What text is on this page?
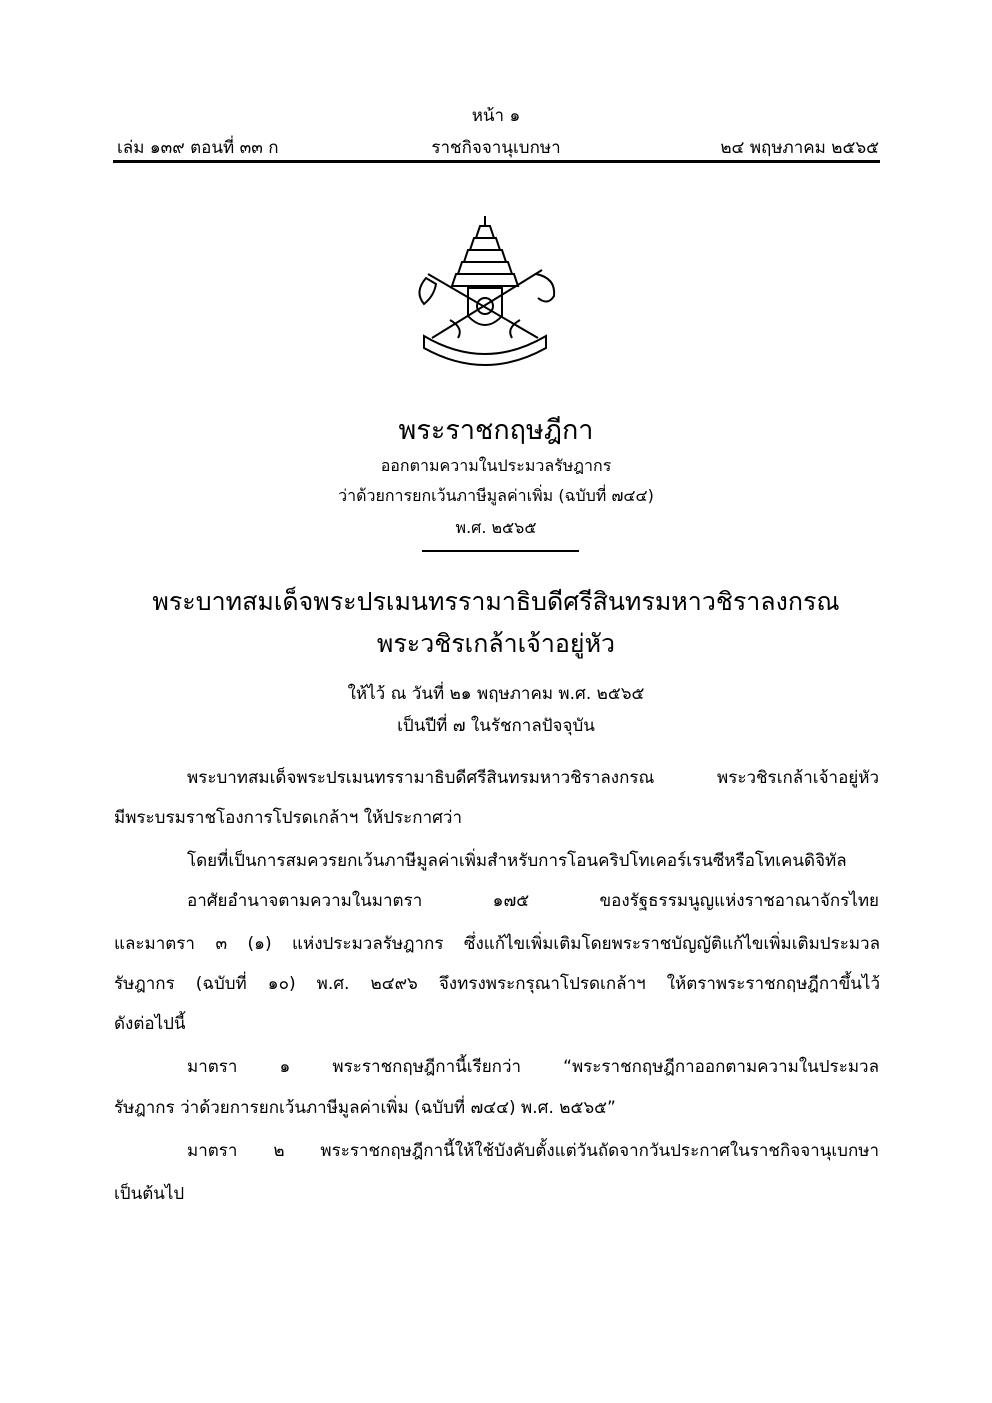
หน้า ๑
เล่ม ๑๓๙ ตอนที่ ๓๓ ก	ราชกิจจานุเบกษา	๒๔ พฤษภาคม ๒๕๖๕
พระราชกฤษฎีกา
ออกตามความในประมวลรัษฎากร
ว่าด้วยการยกเว้นภาษีมูลค่าเพิ่ม (ฉบับที่ ๗๔๔)
พ.ศ. ๒๕๖๕
พระบาทสมเด็จพระปรเมนทรรามาธิบดีศรีสินทรมหาวชิราลงกรณ
พระวชิรเกล้าเจ้าอยู่หัว
ให้ไว้ ณ วันที่ ๒๑ พฤษภาคม พ.ศ. ๒๕๖๕
เป็นปีที่ ๗ ในรัชกาลปัจจุบัน
พระบาทสมเด็จพระปรเมนทรรามาธิบดีศรีสินทรมหาวชิราลงกรณ พระวชิรเกล้าเจ้าอยู่หัว
มีพระบรมราชโองการโปรดเกล้าฯ ให้ประกาศว่า
โดยที่เป็นการสมควรยกเว้นภาษีมูลค่าเพิ่มสำหรับการโอนคริปโทเคอร์เรนซีหรือโทเคนดิจิทัล
อาศัยอำนาจตามความในมาตรา ๑๗๕ ของรัฐธรรมนูญแห่งราชอาณาจักรไทย
และมาตรา ๓ (๑) แห่งประมวลรัษฎากร ซึ่งแก้ไขเพิ่มเติมโดยพระราชบัญญัติแก้ไขเพิ่มเติมประมวล
รัษฎากร (ฉบับที่ ๑๐) พ.ศ. ๒๔๙๖ จึงทรงพระกรุณาโปรดเกล้าฯ ให้ตราพระราชกฤษฎีกาขึ้นไว้
ดังต่อไปนี้
มาตรา ๑ พระราชกฤษฎีกานี้เรียกว่า “พระราชกฤษฎีกาออกตามความในประมวล
รัษฎากร ว่าด้วยการยกเว้นภาษีมูลค่าเพิ่ม (ฉบับที่ ๗๔๔) พ.ศ. ๒๕๖๕”
มาตรา ๒ พระราชกฤษฎีกานี้ให้ใช้บังคับตั้งแต่วันถัดจากวันประกาศในราชกิจจานุเบกษา
เป็นต้นไป
